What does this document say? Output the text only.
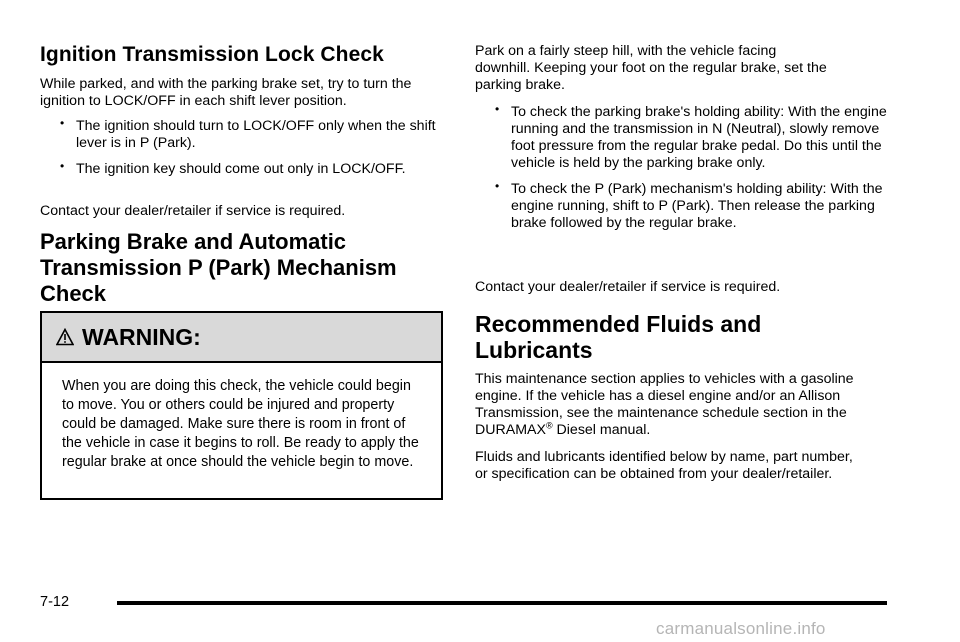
Ignition Transmission Lock Check

While parked, and with the parking brake set, try to turn the ignition to LOCK/OFF in each shift lever position.

• The ignition should turn to LOCK/OFF only when the shift lever is in P (Park).
• The ignition key should come out only in LOCK/OFF.

Contact your dealer/retailer if service is required.

Parking Brake and Automatic Transmission P (Park) Mechanism Check
WARNING:

When you are doing this check, the vehicle could begin to move. You or others could be injured and property could be damaged. Make sure there is room in front of the vehicle in case it begins to roll. Be ready to apply the regular brake at once should the vehicle begin to move.

Park on a fairly steep hill, with the vehicle facing downhill. Keeping your foot on the regular brake, set the parking brake.

• To check the parking brake's holding ability: With the engine running and the transmission in N (Neutral), slowly remove foot pressure from the regular brake pedal. Do this until the vehicle is held by the parking brake only.
• To check the P (Park) mechanism's holding ability: With the engine running, shift to P (Park). Then release the parking brake followed by the regular brake.

Contact your dealer/retailer if service is required.

Recommended Fluids and Lubricants

This maintenance section applies to vehicles with a gasoline engine. If the vehicle has a diesel engine and/or an Allison Transmission, see the maintenance schedule section in the DURAMAX® Diesel manual.

Fluids and lubricants identified below by name, part number, or specification can be obtained from your dealer/retailer.

7-12
carmanualsonline.info
